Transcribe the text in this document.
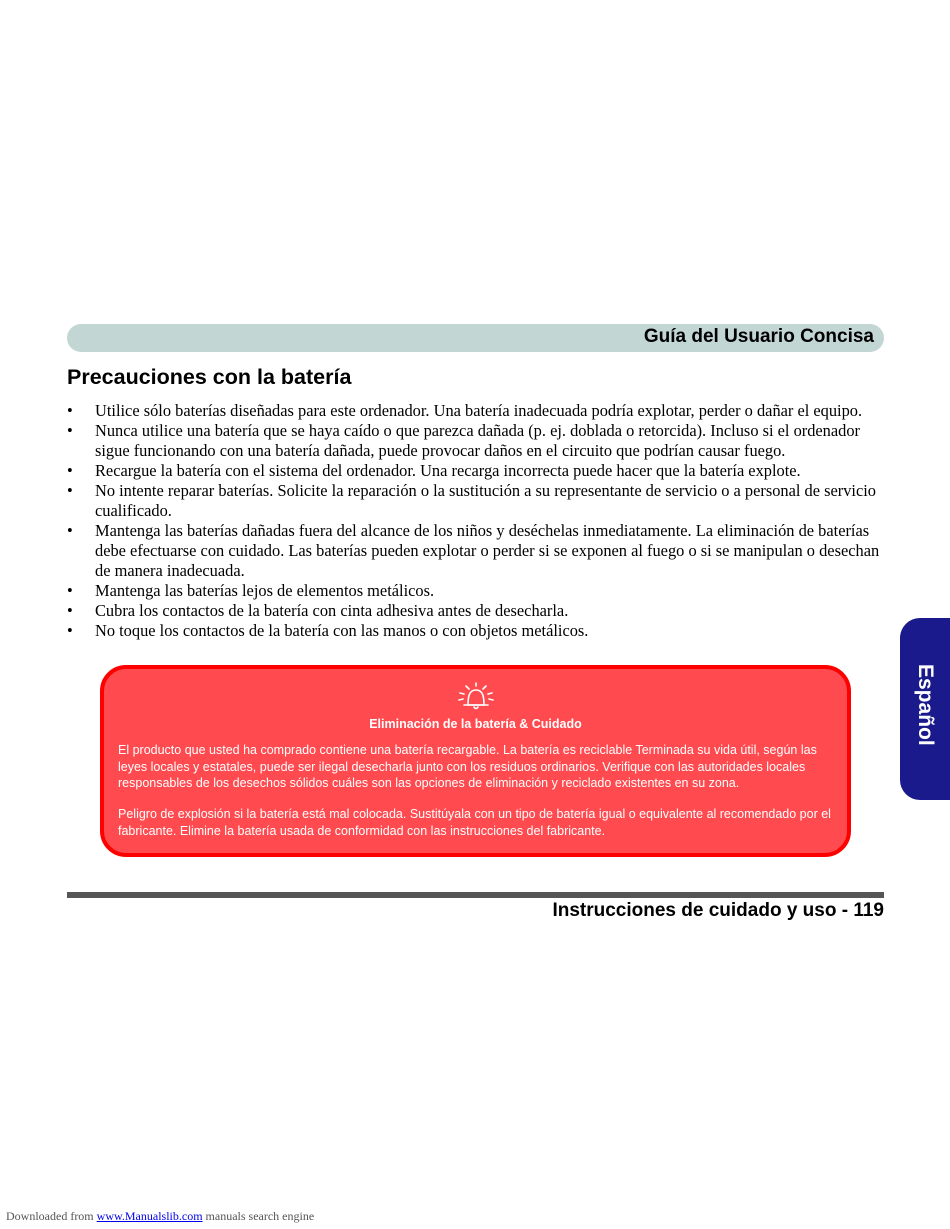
Guía del Usuario Concisa
Precauciones con la batería
• Utilice sólo baterías diseñadas para este ordenador. Una batería inadecuada podría explotar, perder o dañar el equipo.
• Nunca utilice una batería que se haya caído o que parezca dañada (p. ej. doblada o retorcida). Incluso si el ordenador sigue funcionando con una batería dañada, puede provocar daños en el circuito que podrían causar fuego.
• Recargue la batería con el sistema del ordenador. Una recarga incorrecta puede hacer que la batería explote.
• No intente reparar baterías. Solicite la reparación o la sustitución a su representante de servicio o a personal de servicio cualificado.
• Mantenga las baterías dañadas fuera del alcance de los niños y deséchelas inmediatamente. La eliminación de baterías debe efectuarse con cuidado. Las baterías pueden explotar o perder si se exponen al fuego o si se manipulan o desechan de manera inadecuada.
• Mantenga las baterías lejos de elementos metálicos.
• Cubra los contactos de la batería con cinta adhesiva antes de desecharla.
• No toque los contactos de la batería con las manos o con objetos metálicos.
Eliminación de la batería & Cuidado

El producto que usted ha comprado contiene una batería recargable. La batería es reciclable Terminada su vida útil, según las leyes locales y estatales, puede ser ilegal desecharla junto con los residuos ordinarios. Verifique con las autoridades locales responsables de los desechos sólidos cuáles son las opciones de eliminación y reciclado existentes en su zona.

Peligro de explosión si la batería está mal colocada. Sustitúyala con un tipo de batería igual o equivalente al recomendado por el fabricante. Elimine la batería usada de conformidad con las instrucciones del fabricante.

Español
Instrucciones de cuidado y uso - 119
Downloaded from www.Manualslib.com manuals search engine
